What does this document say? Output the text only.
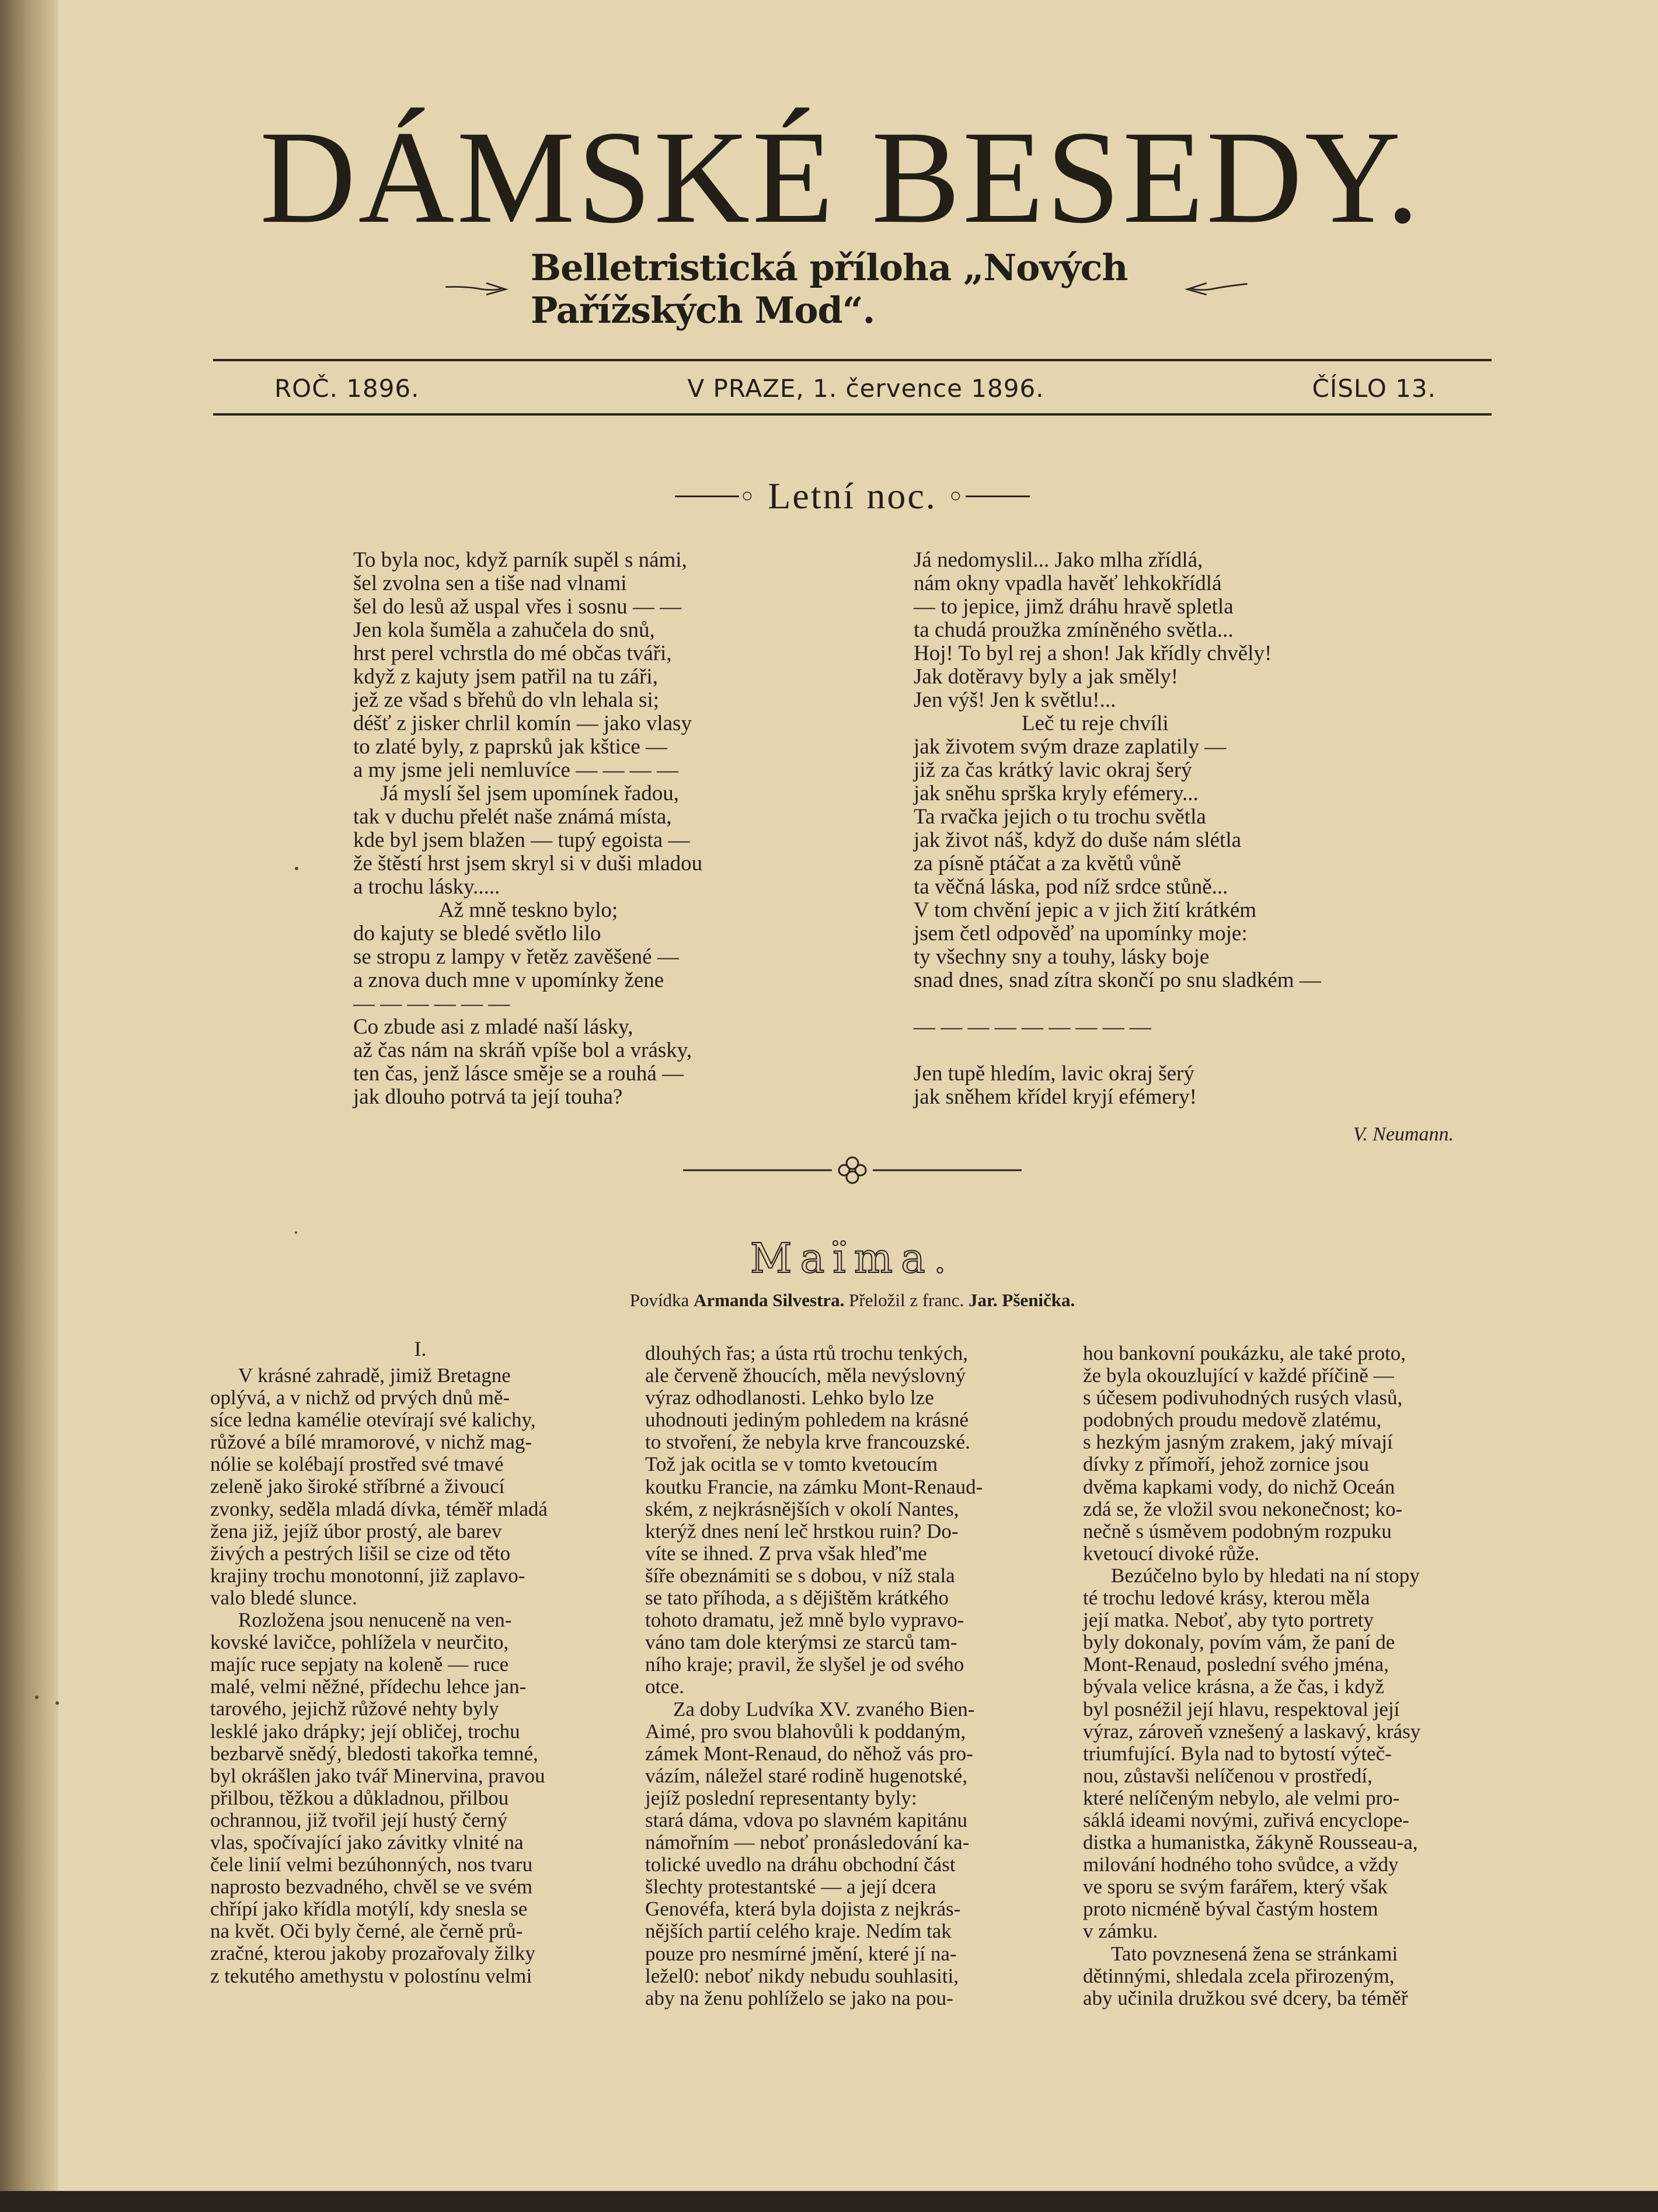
DÁMSKÉ BESEDY.
Belletristická příloha „Nových Pařížských Mod“.
ROČ. 1896.	V PRAZE, 1. července 1896.	ČÍSLO 13.
○ Letní noc. ○
To byla noc, když parník supěl s námi,
šel zvolna sen a tiše nad vlnami
šel do lesů až uspal vřes i sosnu — —
Jen kola šuměla a zahučela do snů,
hrst perel vchrstla do mé občas tváři,
když z kajuty jsem patřil na tu záři,
jež ze všad s břehů do vln lehala si;
déšť z jisker chrlil komín — jako vlasy
to zlaté byly, z paprsků jak kštice —
a my jsme jeli nemluvíce — — — —
Já myslí šel jsem upomínek řadou,
tak v duchu přelét naše známá místa,
kde byl jsem blažen — tupý egoista —
že štěstí hrst jsem skryl si v duši mladou
a trochu lásky.....
Až mně teskno bylo;
do kajuty se bledé světlo lilo
se stropu z lampy v řetěz zavěšené —
a znova duch mne v upomínky žene
— — — — — —
Co zbude asi z mladé naší lásky,
až čas nám na skráň vpíše bol a vrásky,
ten čas, jenž lásce směje se a rouhá —
jak dlouho potrvá ta její touha?
Já nedomyslil... Jako mlha zřídlá,
nám okny vpadla havěť lehkokřídlá
— to jepice, jimž dráhu hravě spletla
ta chudá proužka zmíněného světla...
Hoj! To byl rej a shon! Jak křídly chvěly!
Jak dotěravy byly a jak směly!
Jen výš! Jen k světlu!...
Leč tu reje chvíli
jak životem svým draze zaplatily —
již za čas krátký lavic okraj šerý
jak sněhu sprška kryly efémery...
Ta rvačka jejich o tu trochu světla
jak život náš, když do duše nám slétla
za písně ptáčat a za květů vůně
ta věčná láska, pod níž srdce stůně...
V tom chvění jepic a v jich žití krátkém
jsem četl odpověď na upomínky moje:
ty všechny sny a touhy, lásky boje
snad dnes, snad zítra skončí po snu sladkém —
— — — — — — — — —
Jen tupě hledím, lavic okraj šerý
jak sněhem křídel kryjí efémery!
V. Neumann.
Maïma.
Povídka Armanda Silvestra. Přeložil z franc. Jar. Pšenička.
I.
V krásné zahradě, jimiž Bretagne
oplývá, a v nichž od prvých dnů mě-
síce ledna kamélie otevírají své kalichy,
růžové a bílé mramorové, v nichž mag-
nólie se kolébají prostřed své tmavé
zeleně jako široké stříbrné a živoucí
zvonky, seděla mladá dívka, téměř mladá
žena již, jejíž úbor prostý, ale barev
živých a pestrých lišil se cize od těto
krajiny trochu monotonní, již zaplavo-
valo bledé slunce.
Rozložena jsou nenuceně na ven-
kovské lavičce, pohlížela v neurčito,
majíc ruce sepjaty na koleně — ruce
malé, velmi něžné, přídechu lehce jan-
tarového, jejichž růžové nehty byly
lesklé jako drápky; její obličej, trochu
bezbarvě snědý, bledosti takořka temné,
byl okrášlen jako tvář Minervina, pravou
přilbou, těžkou a důkladnou, přilbou
ochrannou, již tvořil její hustý černý
vlas, spočívající jako závitky vlnité na
čele linií velmi bezúhonných, nos tvaru
naprosto bezvadného, chvěl se ve svém
chřípí jako křídla motýlí, kdy snesla se
na květ. Oči byly černé, ale černě prů-
zračné, kterou jakoby prozařovaly žilky
z tekutého amethystu v polostínu velmi
dlouhých řas; a ústa rtů trochu tenkých,
ale červeně žhoucích, měla nevýslovný
výraz odhodlanosti. Lehko bylo lze
uhodnouti jediným pohledem na krásné
to stvoření, že nebyla krve francouzské.
Tož jak ocitla se v tomto kvetoucím
koutku Francie, na zámku Mont-Renaud-
ském, z nejkrásnějších v okolí Nantes,
kterýž dnes není leč hrstkou ruin? Do-
víte se ihned. Z prva však hleď'me
šíře obeznámiti se s dobou, v níž stala
se tato příhoda, a s dějištěm krátkého
tohoto dramatu, jež mně bylo vypravo-
váno tam dole kterýmsi ze starců tam-
ního kraje; pravil, že slyšel je od svého
otce.
Za doby Ludvíka XV. zvaného Bien-
Aimé, pro svou blahovůli k poddaným,
zámek Mont-Renaud, do něhož vás pro-
vázím, náležel staré rodině hugenotské,
jejíž poslední representanty byly:
stará dáma, vdova po slavném kapitánu
námořním — neboť pronásledování ka-
tolické uvedlo na dráhu obchodní část
šlechty protestantské — a její dcera
Genovéfa, která byla dojista z nejkrás-
nějších partií celého kraje. Nedím tak
pouze pro nesmírné jmění, které jí na-
ležel0: neboť nikdy nebudu souhlasiti,
aby na ženu pohlíželo se jako na pou-
hou bankovní poukázku, ale také proto,
že byla okouzlující v každé příčině —
s účesem podivuhodných rusých vlasů,
podobných proudu medově zlatému,
s hezkým jasným zrakem, jaký mívají
dívky z přímoří, jehož zornice jsou
dvěma kapkami vody, do nichž Oceán
zdá se, že vložil svou nekonečnost; ko-
nečně s úsměvem podobným rozpuku
kvetoucí divoké růže.
Bezúčelno bylo by hledati na ní stopy
té trochu ledové krásy, kterou měla
její matka. Neboť, aby tyto portrety
byly dokonaly, povím vám, že paní de
Mont-Renaud, poslední svého jména,
bývala velice krásna, a že čas, i když
byl posnéžil její hlavu, respektoval její
výraz, zároveň vznešený a laskavý, krásy
triumfující. Byla nad to bytostí výteč-
nou, zůstavši nelíčenou v prostředí,
které nelíčeným nebylo, ale velmi pro-
sáklá ideami novými, zuřivá encyclope-
distka a humanistka, žákyně Rousseau-a,
milování hodného toho svůdce, a vždy
ve sporu se svým farářem, který však
proto nicméně býval častým hostem
v zámku.
Tato povznesená žena se stránkami
dětinnými, shledala zcela přirozeným,
aby učinila družkou své dcery, ba téměř
